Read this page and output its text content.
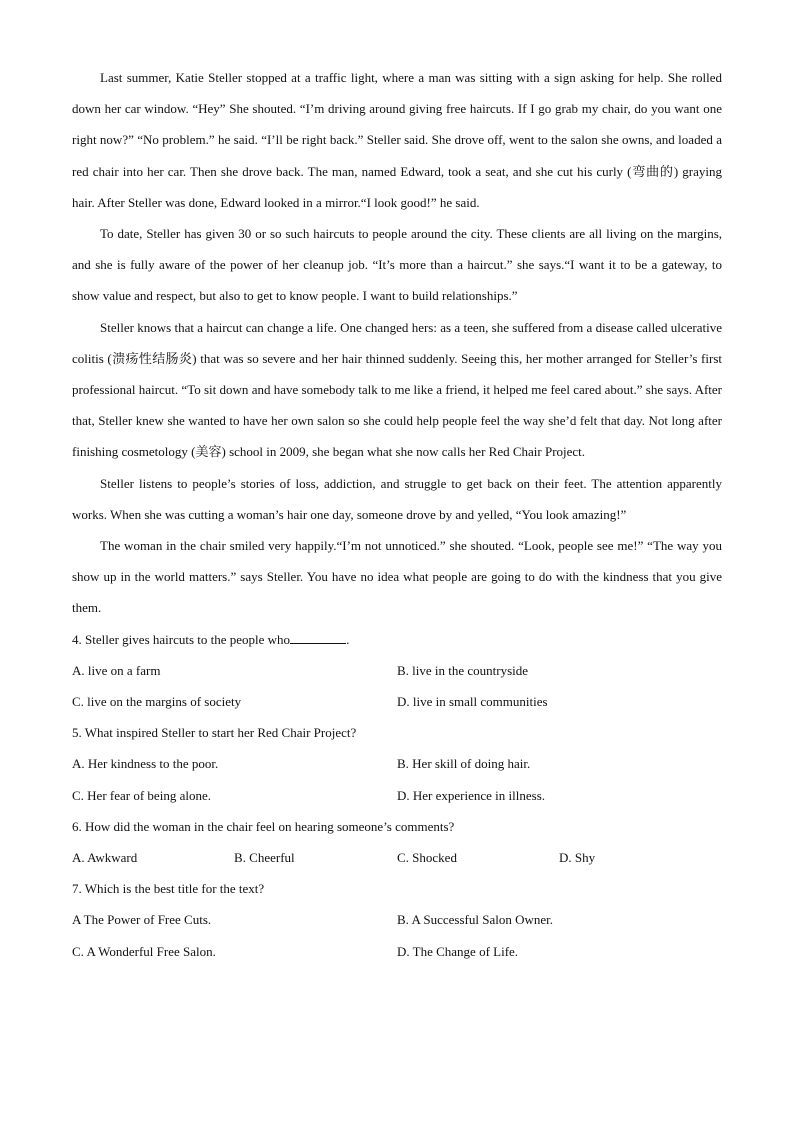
Last summer, Katie Steller stopped at a traffic light, where a man was sitting with a sign asking for help. She rolled down her car window. “Hey” She shouted. “I’m driving around giving free haircuts. If I go grab my chair, do you want one right now?” “No problem.” he said. “I’ll be right back.” Steller said. She drove off, went to the salon she owns, and loaded a red chair into her car. Then she drove back. The man, named Edward, took a seat, and she cut his curly (弯曲的) graying hair. After Steller was done, Edward looked in a mirror.“I look good!” he said.

To date, Steller has given 30 or so such haircuts to people around the city. These clients are all living on the margins, and she is fully aware of the power of her cleanup job. “It’s more than a haircut.” she says.“I want it to be a gateway, to show value and respect, but also to get to know people. I want to build relationships.”

Steller knows that a haircut can change a life. One changed hers: as a teen, she suffered from a disease called ulcerative colitis (溃疡性结肠炎) that was so severe and her hair thinned suddenly. Seeing this, her mother arranged for Steller’s first professional haircut. “To sit down and have somebody talk to me like a friend, it helped me feel cared about.” she says. After that, Steller knew she wanted to have her own salon so she could help people feel the way she’d felt that day. Not long after finishing cosmetology (美容) school in 2009, she began what she now calls her Red Chair Project.

Steller listens to people’s stories of loss, addiction, and struggle to get back on their feet. The attention apparently works. When she was cutting a woman’s hair one day, someone drove by and yelled, “You look amazing!”

The woman in the chair smiled very happily.“I’m not unnoticed.” she shouted. “Look, people see me!” “The way you show up in the world matters.” says Steller. You have no idea what people are going to do with the kindness that you give them.

4. Steller gives haircuts to the people who	.
A. live on a farm	B. live in the countryside
C. live on the margins of society	D. live in small communities
5. What inspired Steller to start her Red Chair Project?
A. Her kindness to the poor.	B. Her skill of doing hair.
C. Her fear of being alone.	D. Her experience in illness.
6. How did the woman in the chair feel on hearing someone’s comments?
A. Awkward	B. Cheerful	C. Shocked	D. Shy
7. Which is the best title for the text?
A The Power of Free Cuts.	B. A Successful Salon Owner.
C. A Wonderful Free Salon.	D. The Change of Life.
